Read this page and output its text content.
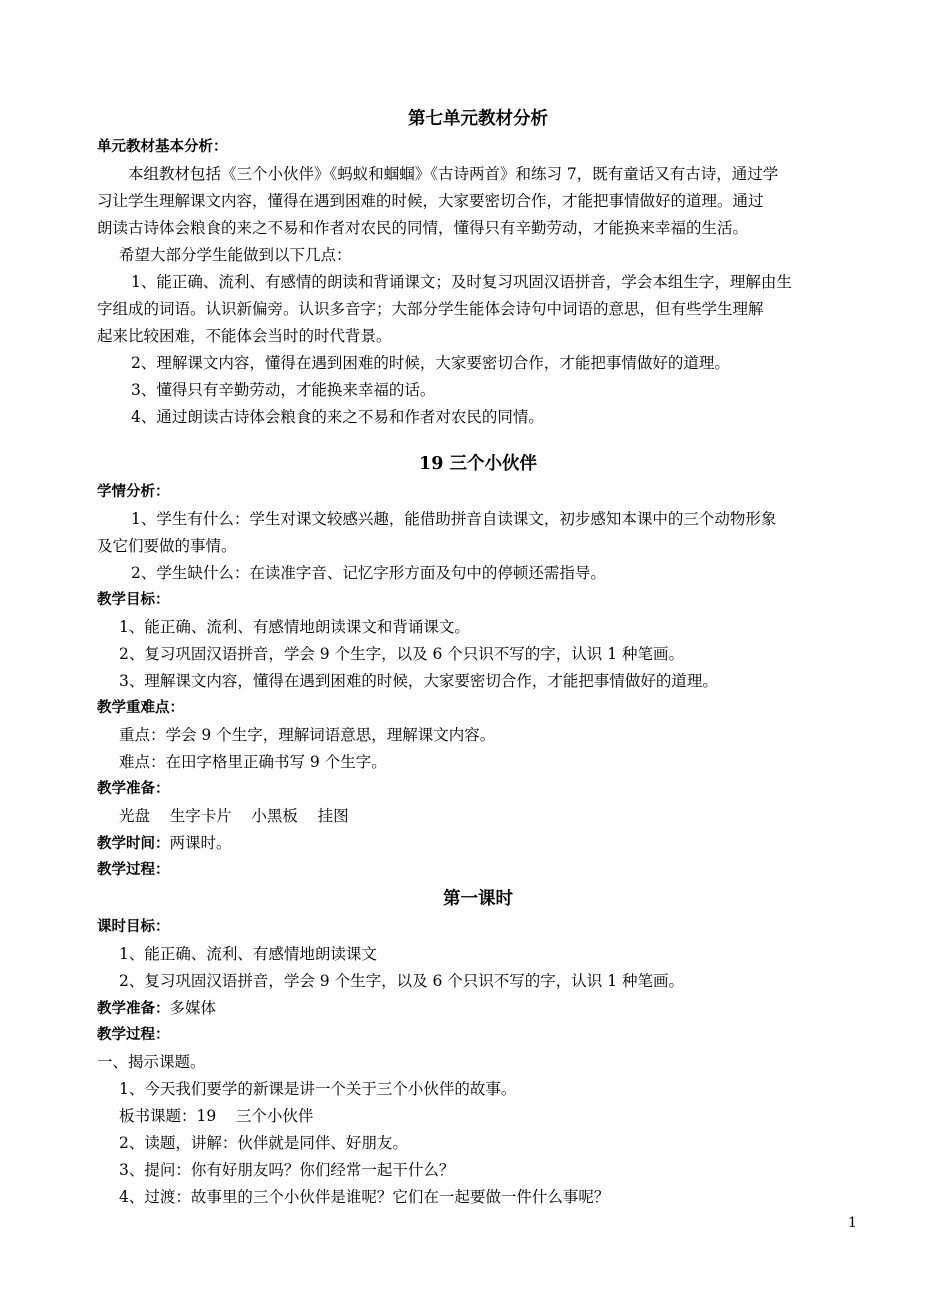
第七单元教材分析
单元教材基本分析：
本组教材包括《三个小伙伴》《蚂蚁和蝈蝈》《古诗两首》和练习 7，既有童话又有古诗，通过学
习让学生理解课文内容，懂得在遇到困难的时候，大家要密切合作，才能把事情做好的道理。通过
朗读古诗体会粮食的来之不易和作者对农民的同情，懂得只有辛勤劳动，才能换来幸福的生活。
希望大部分学生能做到以下几点：
1、能正确、流利、有感情的朗读和背诵课文；及时复习巩固汉语拼音，学会本组生字，理解由生
字组成的词语。认识新偏旁。认识多音字；大部分学生能体会诗句中词语的意思，但有些学生理解
起来比较困难，不能体会当时的时代背景。
2、理解课文内容，懂得在遇到困难的时候，大家要密切合作，才能把事情做好的道理。
3、懂得只有辛勤劳动，才能换来幸福的话。
4、通过朗读古诗体会粮食的来之不易和作者对农民的同情。
19 三个小伙伴
学情分析：
1、学生有什么：学生对课文较感兴趣，能借助拼音自读课文，初步感知本课中的三个动物形象
及它们要做的事情。
2、学生缺什么：在读准字音、记忆字形方面及句中的停顿还需指导。
教学目标：
1、能正确、流利、有感情地朗读课文和背诵课文。
2、复习巩固汉语拼音，学会 9 个生字，以及 6 个只识不写的字，认识 1 种笔画。
3、理解课文内容，懂得在遇到困难的时候，大家要密切合作，才能把事情做好的道理。
教学重难点：
重点：学会 9 个生字，理解词语意思，理解课文内容。
难点：在田字格里正确书写 9 个生字。
教学准备：
光盘    生字卡片    小黑板    挂图
教学时间：两课时。
教学过程：
第一课时
课时目标：
1、能正确、流利、有感情地朗读课文
2、复习巩固汉语拼音，学会 9 个生字，以及 6 个只识不写的字，认识 1 种笔画。
教学准备：多媒体
教学过程：
一、揭示课题。
1、今天我们要学的新课是讲一个关于三个小伙伴的故事。
板书课题：19    三个小伙伴
2、读题，讲解：伙伴就是同伴、好朋友。
3、提问：你有好朋友吗？你们经常一起干什么？
4、过渡：故事里的三个小伙伴是谁呢？它们在一起要做一件什么事呢？
1
